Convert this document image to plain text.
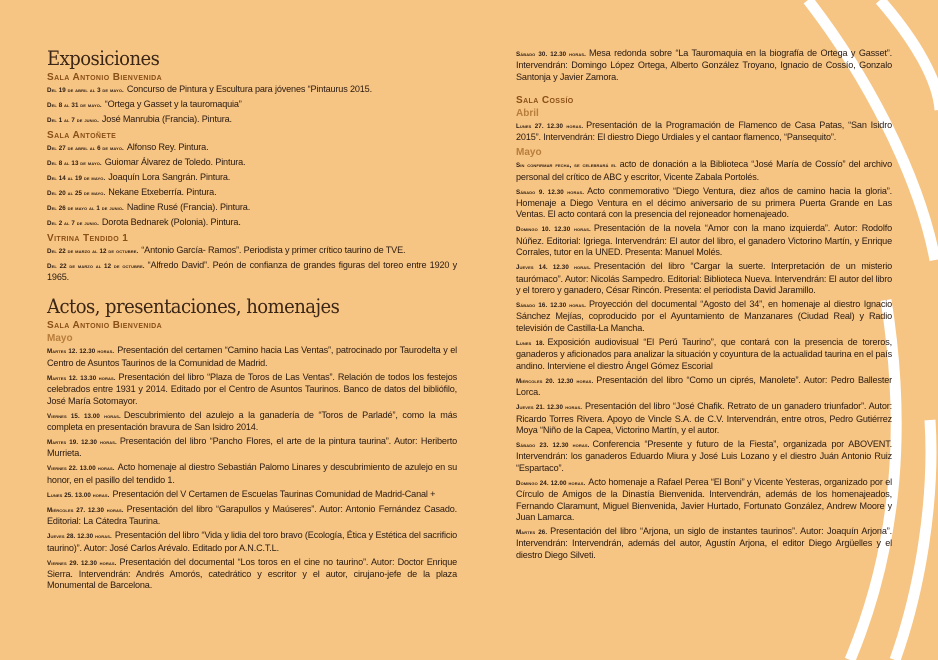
Exposiciones
Sala Antonio Bienvenida

Del 19 de abril al 3 de mayo. Concurso de Pintura y Escultura para jóvenes “Pintaurus 2015.

Del 8 al 31 de mayo. “Ortega y Gasset y la tauromaquia”

Del 1 al 7 de junio. José Manrubia (Francia). Pintura.

Sala Antoñete

Del 27 de abril al 6 de mayo. Alfonso Rey. Pintura.

Del 8 al 13 de mayo. Guiomar Álvarez de Toledo. Pintura.

Del 14 al 19 de mayo. Joaquín Lora Sangrán. Pintura.

Del 20 al 25 de mayo. Nekane Etxeberría. Pintura.

Del 26 de mayo al 1 de junio. Nadine Rusé (Francia). Pintura.

Del 2 al 7 de junio. Dorota Bednarek (Polonia). Pintura.

Vitrina Tendido 1

Del 22 de marzo al 12 de octubre. “Antonio García- Ramos”. Periodista y primer crítico taurino de TVE.

Del 22 de marzo al 12 de octubre. “Alfredo David”. Peón de confianza de grandes figuras del toreo entre 1920 y 1965.

Actos, presentaciones, homenajes
Sala Antonio Bienvenida
Mayo

Martes 12. 12.30 horas. Presentación del certamen “Camino hacia Las Ventas”, patrocinado por Taurodelta y el Centro de Asuntos Taurinos de la Comunidad de Madrid.

Martes 12. 13.30 horas. Presentación del libro “Plaza de Toros de Las Ventas”. Relación de todos los festejos celebrados entre 1931 y 2014. Editado por el Centro de Asuntos Taurinos. Banco de datos del bibliófilo, José María Sotomayor.

Viernes 15. 13.00 horas. Descubrimiento del azulejo a la ganadería de “Toros de Parladé”, como la más completa en presentación bravura de San Isidro 2014.

Martes 19. 12.30 horas. Presentación del libro “Pancho Flores, el arte de la pintura taurina”. Autor: Heriberto Murrieta.

Viernes 22. 13.00 horas. Acto homenaje al diestro Sebastián Palomo Linares y descubrimiento de azulejo en su honor, en el pasillo del tendido 1.

Lunes 25. 13.00 horas. Presentación del V Certamen de Escuelas Taurinas Comunidad de Madrid-Canal +

Miércoles 27. 12.30 horas. Presentación del libro “Garapullos y Maúseres”. Autor: Antonio Fernández Casado. Editorial: La Cátedra Taurina.

Jueves 28. 12.30 horas. Presentación del libro “Vida y lidia del toro bravo (Ecología, Ética y Estética del sacrificio taurino)”. Autor: José Carlos Arévalo. Editado por A.N.C.T.L.

Viernes 29. 12.30 horas. Presentación del documental “Los toros en el cine no taurino”. Autor: Doctor Enrique Sierra. Intervendrán: Andrés Amorós, catedrático y escritor y el autor, cirujano-jefe de la plaza Monumental de Barcelona.

Sábado 30. 12.30 horas. Mesa redonda sobre “La Tauromaquia en la biografía de Ortega y Gasset”. Intervendrán: Domingo López Ortega, Alberto González Troyano, Ignacio de Cossío, Gonzalo Santonja y Javier Zamora.

Sala Cossío
Abril

Lunes 27. 12.30 horas. Presentación de la Programación de Flamenco de Casa Patas, “San Isidro 2015”. Intervendrán: El diestro Diego Urdiales y el cantaor flamenco, “Pansequito”.

Mayo

Sin confirmar fecha, se celebrará el acto de donación a la Biblioteca “José María de Cossío” del archivo personal del crítico de ABC y escritor, Vicente Zabala Portolés.

Sábado 9. 12.30 horas. Acto conmemorativo “Diego Ventura, diez años de camino hacia la gloria”. Homenaje a Diego Ventura en el décimo aniversario de su primera Puerta Grande en Las Ventas. El acto contará con la presencia del rejoneador homenajeado.

Domingo 10. 12.30 horas. Presentación de la novela “Amor con la mano izquierda”. Autor: Rodolfo Núñez. Editorial: Igriega. Intervendrán: El autor del libro, el ganadero Victorino Martín, y Enrique Corrales, tutor en la UNED. Presenta: Manuel Molés.

Jueves 14. 12.30 horas. Presentación del libro “Cargar la suerte. Interpretación de un misterio taurómaco”. Autor: Nicolás Sampedro. Editorial: Biblioteca Nueva. Intervendrán: El autor del libro y el torero y ganadero, César Rincón. Presenta: el periodista David Jaramillo.

Sábado 16. 12.30 horas. Proyección del documental “Agosto del 34”, en homenaje al diestro Ignacio Sánchez Mejías, coproducido por el Ayuntamiento de Manzanares (Ciudad Real) y Radio televisión de Castilla-La Mancha.

Lunes 18. Exposición audiovisual “El Perú Taurino”, que contará con la presencia de toreros, ganaderos y aficionados para analizar la situación y coyuntura de la actualidad taurina en el país andino. Interviene el diestro Ángel Gómez Escorial

Miércoles 20. 12.30 horas. Presentación del libro “Como un ciprés, Manolete”. Autor: Pedro Ballester Lorca.

Jueves 21. 12.30 horas. Presentación del libro “José Chafik. Retrato de un ganadero triunfador”. Autor: Ricardo Torres Rivera. Apoyo de Vincle S.A. de C.V. Intervendrán, entre otros, Pedro Gutiérrez Moya “Niño de la Capea, Victorino Martín, y el autor.

Sábado 23. 12.30 horas. Conferencia “Presente y futuro de la Fiesta”, organizada por ABOVENT. Intervendrán: los ganaderos Eduardo Miura y José Luis Lozano y el diestro Juán Antonio Ruiz “Espartaco”.

Domingo 24. 12.00 horas. Acto homenaje a Rafael Perea “El Boni” y Vicente Yesteras, organizado por el Círculo de Amigos de la Dinastía Bienvenida. Intervendrán, además de los homenajeados, Fernando Claramunt, Miguel Bienvenida, Javier Hurtado, Fortunato González, Andrew Moore y Juan Lamarca.

Martes 26. Presentación del libro “Arjona, un siglo de instantes taurinos”. Autor: Joaquín Arjona”. Intervendrán: Intervendrán, además del autor, Agustín Arjona, el editor Diego Argüelles y el diestro Diego Silveti.
